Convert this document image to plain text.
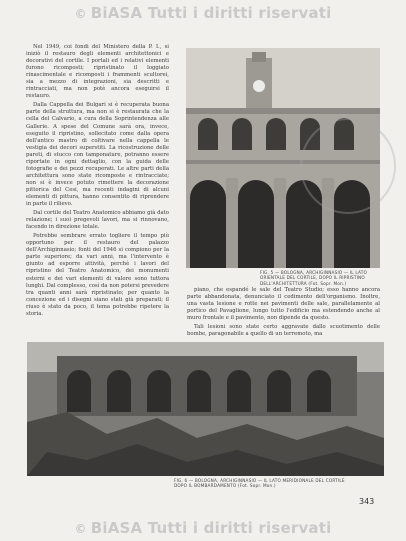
© BiASA Tutti i diritti riservati

Nel 1949, coi fondi del Ministero della P. I., si iniziò il restauro degli elementi architettonici e decorativi del cortile. I portali ed i relativi elementi furono ricomposti; ripristinato il loggiato rinascimentale e ricomposti i frammenti scultorei, sia a mezzo di integrazioni, sia descritti e rintracciati, ma non potè ancora eseguirsi il restauro.

Dalla Cappella dei Bulgari si è recuperata buona parte della struttura, ma non si è restaurata che la cella del Calvario, a cura della Soprintendenza alle Gallerie. A spese del Comune sarà ora, invece, eseguito il ripristino, sollecitato come dalla opera dell'antico mastro di coltivare nella cappella le vestigia dei decori superstiti. La ricostruzione delle pareti, di stucco con tamponature, potranno essere riportate in ogni dettaglio, con la guida delle fotografie e dei pezzi recuperati. Le altre parti della architettura sono state ricomposte e rintracciate; non si è invece potuto rimettere la decorazione pittorica del Cesi, ma recenti indagini di alcuni elementi di pittura, hanno consentito di riprendere in parte il rilievo.

Dal cortile del Teatro Anatomico abbiamo già dato relazione; i suoi pregevoli lavori, ma si rinnovano, facendo in direzione totale.

Potrebbe sembrare errato togliere il tempo più opportuno per il restauro del palazzo dell'Archiginnasio; fonti del 1946 si compiono per la parte superiore; da vari anni, ma l'intervento è giunto ad esporre attività, perchè i lavori del ripristino del Teatro Anatomico, dei monumenti esterni e dei vari elementi di valore sono tuttora lunghi. Dal complesso, così da non potersi prevedere tra quanti anni sarà ripristinato; per quanto la concezione ed i disegni siano stati già preparati; il riuso è stato da poco, il tema potrebbe ripetere la storia.

FIG. 5 — BOLOGNA, ARCHIGINNASIO — IL LATO ORIENTALE DEL CORTILE, DOPO IL RIPRISTINO DELL'ARCHITETTURA (Fot. Sopr. Mon.)

piano, che espandé le sale del Teatro Studio; esso hanno ancora parte abbandonata, denunciato il cedimento dell'organismo. Inoltre, una vasta lesione e rotte nei pavimenti delle sale, parallelamente al portico del Pavaglione, lungo tutto l'edificio ma estendendo anche al muro frontale e il pavimento, non dipende da questo.

Tali lesioni sono state certo aggravate dallo scuotimento delle bombe, paragonabile a quello di un terremoto, ma

FIG. 6 — BOLOGNA, ARCHIGINNASIO — IL LATO MERIDIONALE DEL CORTILE DOPO IL BOMBARDAMENTO (Fot. Sopr. Mon.)
343
© BiASA Tutti i diritti riservati
